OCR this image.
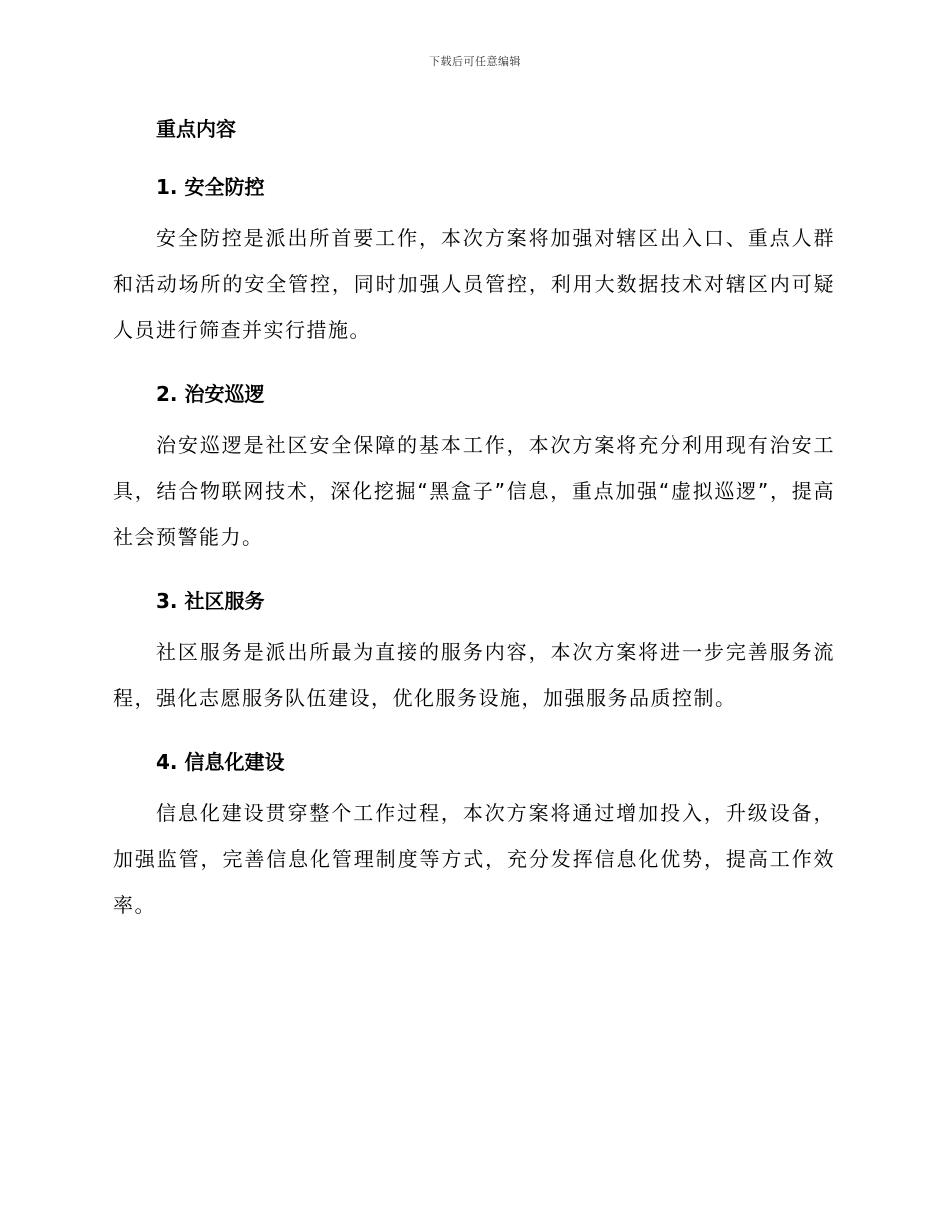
下载后可任意编辑
重点内容
1. 安全防控

安全防控是派出所首要工作，本次方案将加强对辖区出入口、重点人群和活动场所的安全管控，同时加强人员管控，利用大数据技术对辖区内可疑人员进行筛查并实行措施。

2. 治安巡逻

治安巡逻是社区安全保障的基本工作，本次方案将充分利用现有治安工具，结合物联网技术，深化挖掘“黑盒子”信息，重点加强“虚拟巡逻”，提高社会预警能力。

3. 社区服务

社区服务是派出所最为直接的服务内容，本次方案将进一步完善服务流程，强化志愿服务队伍建设，优化服务设施，加强服务品质控制。

4. 信息化建设

信息化建设贯穿整个工作过程，本次方案将通过增加投入，升级设备，加强监管，完善信息化管理制度等方式，充分发挥信息化优势，提高工作效率。
